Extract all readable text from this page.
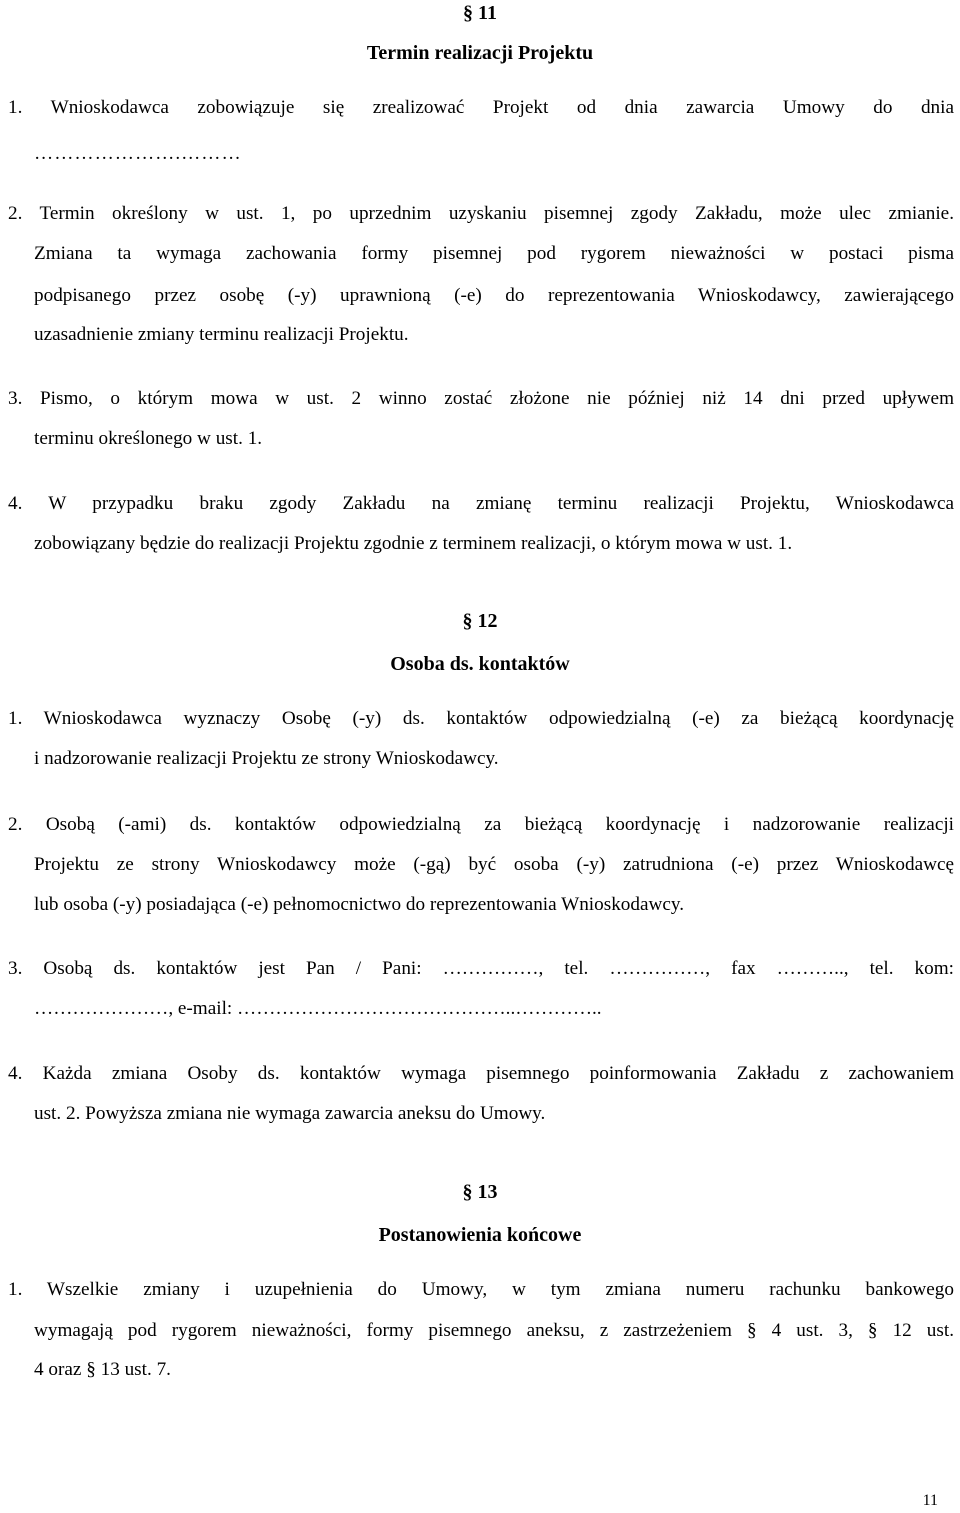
§ 11
Termin realizacji Projektu
1. Wnioskodawca zobowiązuje się zrealizować Projekt od dnia zawarcia Umowy do dnia
………………….………
2. Termin określony w ust. 1, po uprzednim uzyskaniu pisemnej zgody Zakładu, może ulec zmianie.
Zmiana ta wymaga zachowania formy pisemnej pod rygorem nieważności w postaci pisma
podpisanego przez osobę (-y) uprawnioną (-e) do reprezentowania Wnioskodawcy, zawierającego
uzasadnienie zmiany terminu realizacji Projektu.
3. Pismo, o którym mowa w ust. 2 winno zostać złożone nie później niż 14 dni przed upływem
terminu określonego w ust. 1.
4. W przypadku braku zgody Zakładu na zmianę terminu realizacji Projektu, Wnioskodawca
zobowiązany będzie do realizacji Projektu zgodnie z terminem realizacji, o którym mowa w ust. 1.
§ 12
Osoba ds. kontaktów
1. Wnioskodawca wyznaczy Osobę (-y) ds. kontaktów odpowiedzialną (-e) za bieżącą koordynację
i nadzorowanie realizacji Projektu ze strony Wnioskodawcy.
2. Osobą (-ami) ds. kontaktów odpowiedzialną za bieżącą koordynację i nadzorowanie realizacji
Projektu ze strony Wnioskodawcy może (-gą) być osoba (-y) zatrudniona (-e) przez Wnioskodawcę
lub osoba (-y) posiadająca (-e) pełnomocnictwo do reprezentowania Wnioskodawcy.
3. Osobą ds. kontaktów jest Pan / Pani: ……………, tel. ……………, fax ……….., tel. kom:
…………………, e-mail: ……………………………………..…………..
4. Każda zmiana Osoby ds. kontaktów wymaga pisemnego poinformowania Zakładu z zachowaniem
ust. 2. Powyższa zmiana nie wymaga zawarcia aneksu do Umowy.
§ 13
Postanowienia końcowe
1. Wszelkie zmiany i uzupełnienia do Umowy, w tym zmiana numeru rachunku bankowego
wymagają pod rygorem nieważności, formy pisemnego aneksu, z zastrzeżeniem § 4 ust. 3, § 12 ust.
4 oraz § 13 ust. 7.
11
